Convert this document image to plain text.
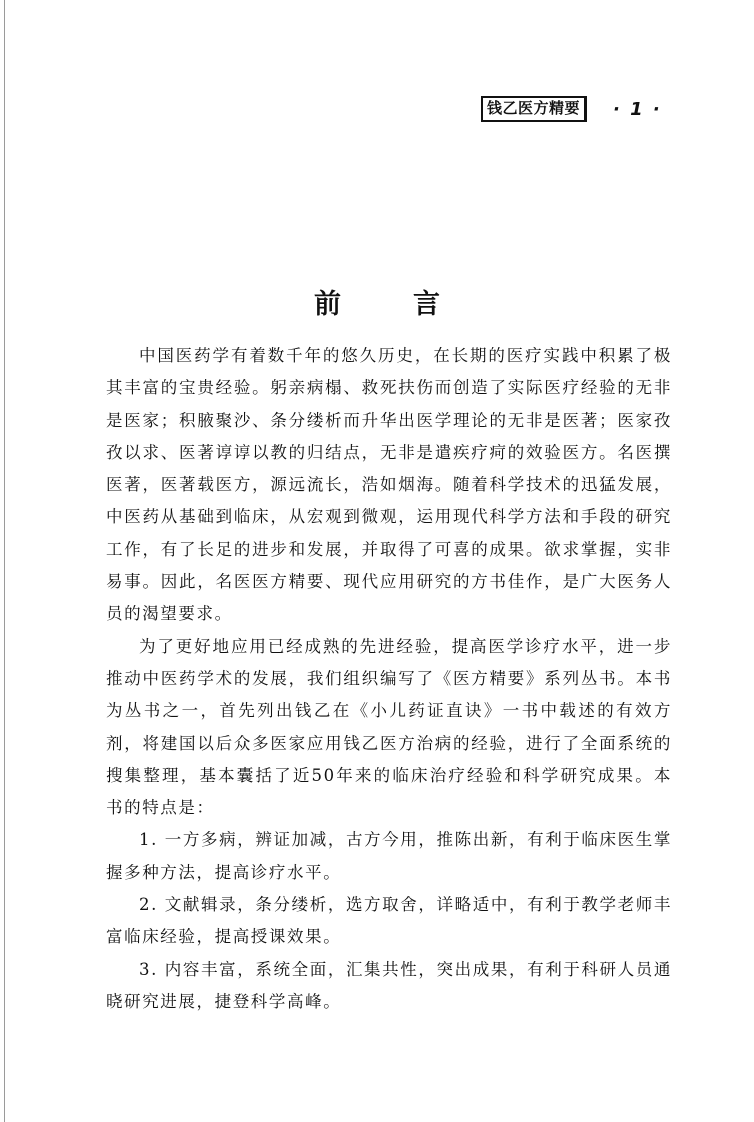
钱乙医方精要	· 1 ·
前	言

中国医药学有着数千年的悠久历史，在长期的医疗实践中积累了极其丰富的宝贵经验。躬亲病榻、救死扶伤而创造了实际医疗经验的无非是医家；积腋聚沙、条分缕析而升华出医学理论的无非是医著；医家孜孜以求、医著谆谆以教的归结点，无非是遣疾疗疴的效验医方。名医撰医著，医著载医方，源远流长，浩如烟海。随着科学技术的迅猛发展，中医药从基础到临床，从宏观到微观，运用现代科学方法和手段的研究工作，有了长足的进步和发展，并取得了可喜的成果。欲求掌握，实非易事。因此，名医医方精要、现代应用研究的方书佳作，是广大医务人员的渴望要求。

为了更好地应用已经成熟的先进经验，提高医学诊疗水平，进一步推动中医药学术的发展，我们组织编写了《医方精要》系列丛书。本书为丛书之一，首先列出钱乙在《小儿药证直诀》一书中载述的有效方剂，将建国以后众多医家应用钱乙医方治病的经验，进行了全面系统的搜集整理，基本囊括了近50年来的临床治疗经验和科学研究成果。本书的特点是：

1. 一方多病，辨证加减，古方今用，推陈出新，有利于临床医生掌握多种方法，提高诊疗水平。

2. 文献辑录，条分缕析，选方取舍，详略适中，有利于教学老师丰富临床经验，提高授课效果。

3. 内容丰富，系统全面，汇集共性，突出成果，有利于科研人员通晓研究进展，捷登科学高峰。
